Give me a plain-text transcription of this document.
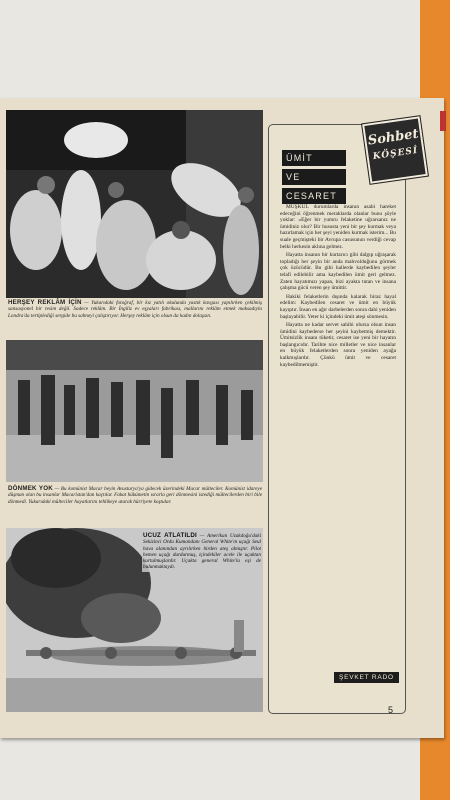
HERŞEY REKLÂM İÇİN — Yukarıdaki fotoğraf, bir kız yatılı okulunda yastık kavgası yapılırken çekilmiş sansasyonel bir resim değil. Sadece reklâm. Bir İngiliz ev eşyaları fabrikası, mallarını reklâm etmek maksadıyla Londra'da tertiplediği sergide bu sahneyi çalıştırıyor. Herşey reklâm için olsun da kadın dolaşsın.
DÖNMEK YOK — Bu komünist Macar beyin Avusturya'ya gidecek üzerindeki Macar mülteciler. Komünist idareye düşman olan bu insanlar Macaristan'dan kaçtılar. Fakat hükümetin ısrarla geri dönmesini istediği mültecilerden biri bile dönmedi. Yukarıdaki mülteciler hayatlarını tehlikeye atarak hürriyete koştular.
UCUZ ATLATILDI — Amerikan Uzakdoğu'daki Sekizinci Ordu Kumandanı General White'ın uçağı Seul hava alanından ayrılırken birden ateş almıştır. Pilot hemen uçağı durdurmuş, içindekiler acele ile uçaktan kurtulmuşlardır. Uçakta general White'la eşi de bulunmaktaydı.
Sohbet
KÖŞESİ
ÜMİT
VE
CESARET

MUŞKÜL durumlarda insanın asabi hareket edeceğini öğrenmek meraklarda olanlar bunu şöyle yoklar: «Eğer bir yumru felaketine uğrarsanız ne ümidiniz olur? Bir hususta yeni bir şey kurmak veya hazırlamak için her şeyi yeniden kurmak isterim... Bu suale geçmişteki bir Avrupa casusunun verdiği cevap belki herkesin aklına gelmez.

Hayatta insanın bir kurtarıcı gibi dalgıp uğraşarak topladığı her şeyin bir anda mahvolduğunu görmek çok üzücüdür. Bu gibi hallerde kaybedilen şeyler telafi edilebilir ama kaybedilen ümit geri gelmez. Zaten hayatımızı yapan, bizi ayakta tutan ve insana çalışma gücü veren şey ümittir.

Hakiki felaketlerin dışında kalarak biraz hayal edelim: Kaybedilen cesaret ve ümit en büyük kayıptır. İnsan en ağır darbelerden sonra dahi yeniden başlayabilir. Yeter ki içindeki ümit ateşi sönmesin.

Hayatta ne kadar servet sahibi olursa olsun insan ümidini kaybederse her şeyini kaybetmiş demektir. Ümitsizlik insanı tüketir, cesaret ise yeni bir hayatın başlangıcıdır. Tarihte nice milletler ve nice insanlar en büyük felaketlerden sonra yeniden ayağa kalkmışlardır. Çünkü ümit ve cesaret kaybedilmemiştir.

ŞEVKET RADO
5
